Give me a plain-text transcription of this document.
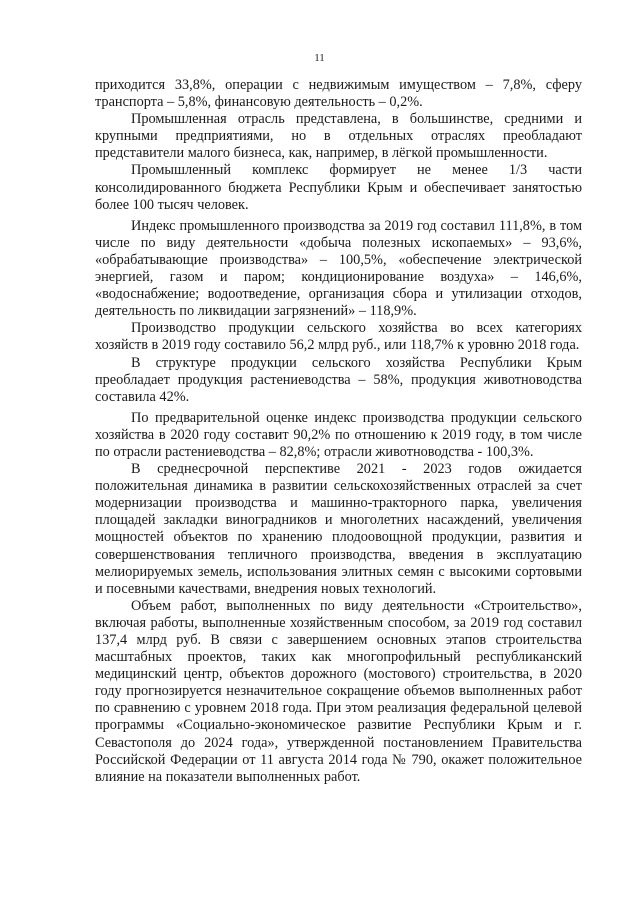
11

приходится 33,8%, операции с недвижимым имуществом – 7,8%, сферу транспорта – 5,8%, финансовую деятельность – 0,2%.

Промышленная отрасль представлена, в большинстве, средними и крупными предприятиями, но в отдельных отраслях преобладают представители малого бизнеса, как, например, в лёгкой промышленности.

Промышленный комплекс формирует не менее 1/3 части консолидированного бюджета Республики Крым и обеспечивает занятостью более 100 тысяч человек.

Индекс промышленного производства за 2019 год составил 111,8%, в том числе по виду деятельности «добыча полезных ископаемых» – 93,6%, «обрабатывающие производства» – 100,5%, «обеспечение электрической энергией, газом и паром; кондиционирование воздуха» – 146,6%, «водоснабжение; водоотведение, организация сбора и утилизации отходов, деятельность по ликвидации загрязнений» – 118,9%.

Производство продукции сельского хозяйства во всех категориях хозяйств в 2019 году составило 56,2 млрд руб., или 118,7% к уровню 2018 года.

В структуре продукции сельского хозяйства Республики Крым преобладает продукция растениеводства – 58%, продукция животноводства составила 42%.

По предварительной оценке индекс производства продукции сельского хозяйства в 2020 году составит 90,2% по отношению к 2019 году, в том числе по отрасли растениеводства – 82,8%; отрасли животноводства - 100,3%.

В среднесрочной перспективе 2021 - 2023 годов ожидается положительная динамика в развитии сельскохозяйственных отраслей за счет модернизации производства и машинно-тракторного парка, увеличения площадей закладки виноградников и многолетних насаждений, увеличения мощностей объектов по хранению плодоовощной продукции, развития и совершенствования тепличного производства, введения в эксплуатацию мелиорируемых земель, использования элитных семян с высокими сортовыми и посевными качествами, внедрения новых технологий.

Объем работ, выполненных по виду деятельности «Строительство», включая работы, выполненные хозяйственным способом, за 2019 год составил 137,4 млрд руб. В связи с завершением основных этапов строительства масштабных проектов, таких как многопрофильный республиканский медицинский центр, объектов дорожного (мостового) строительства, в 2020 году прогнозируется незначительное сокращение объемов выполненных работ по сравнению с уровнем 2018 года. При этом реализация федеральной целевой программы «Социально-экономическое развитие Республики Крым и г. Севастополя до 2024 года», утвержденной постановлением Правительства Российской Федерации от 11 августа 2014 года № 790, окажет положительное влияние на показатели выполненных работ.
